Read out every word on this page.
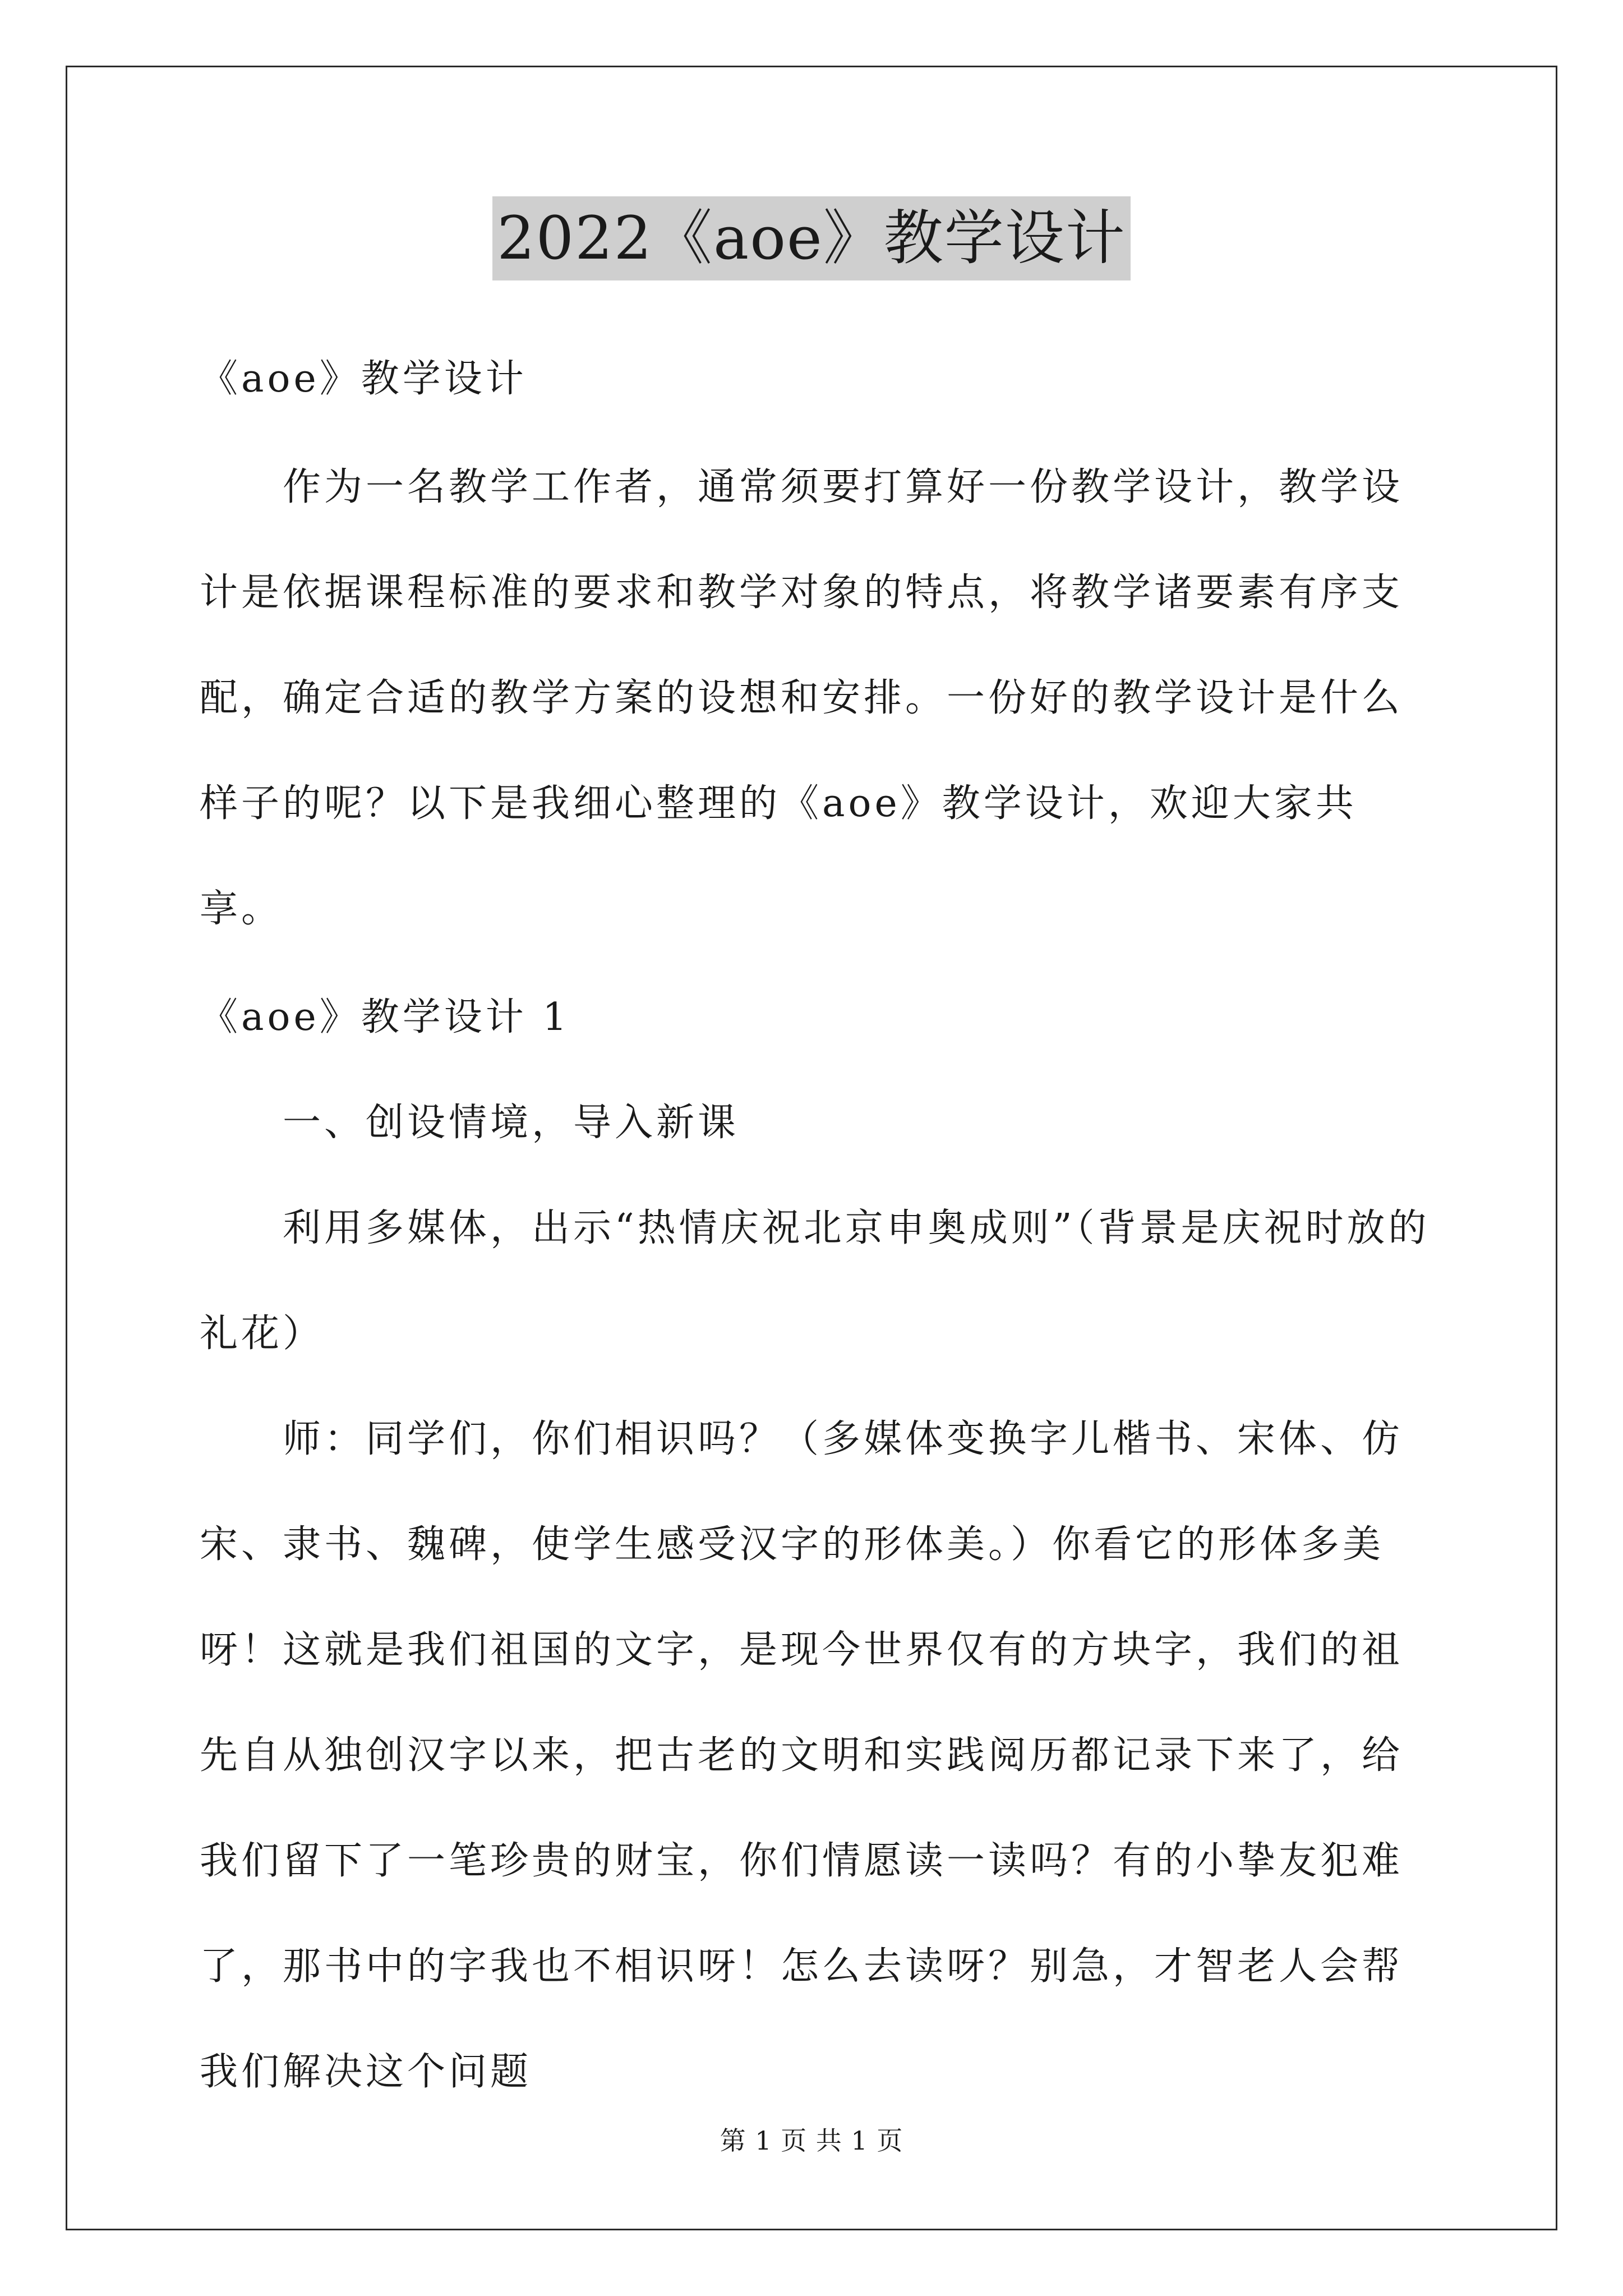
2022《aoe》教学设计

《aoe》教学设计

作为一名教学工作者，通常须要打算好一份教学设计，教学设计是依据课程标准的要求和教学对象的特点，将教学诸要素有序支配，确定合适的教学方案的设想和安排。一份好的教学设计是什么样子的呢？以下是我细心整理的《aoe》教学设计，欢迎大家共享。

《aoe》教学设计 1

一、创设情境，导入新课

利用多媒体，出示“热情庆祝北京申奥成则”（背景是庆祝时放的礼花）

师：同学们，你们相识吗？（多媒体变换字儿楷书、宋体、仿宋、隶书、魏碑，使学生感受汉字的形体美。）你看它的形体多美呀！这就是我们祖国的文字，是现今世界仅有的方块字，我们的祖先自从独创汉字以来，把古老的文明和实践阅历都记录下来了，给我们留下了一笔珍贵的财宝，你们情愿读一读吗？有的小挚友犯难了，那书中的字我也不相识呀！怎么去读呀？别急，才智老人会帮我们解决这个问题

第 1 页 共 1 页
